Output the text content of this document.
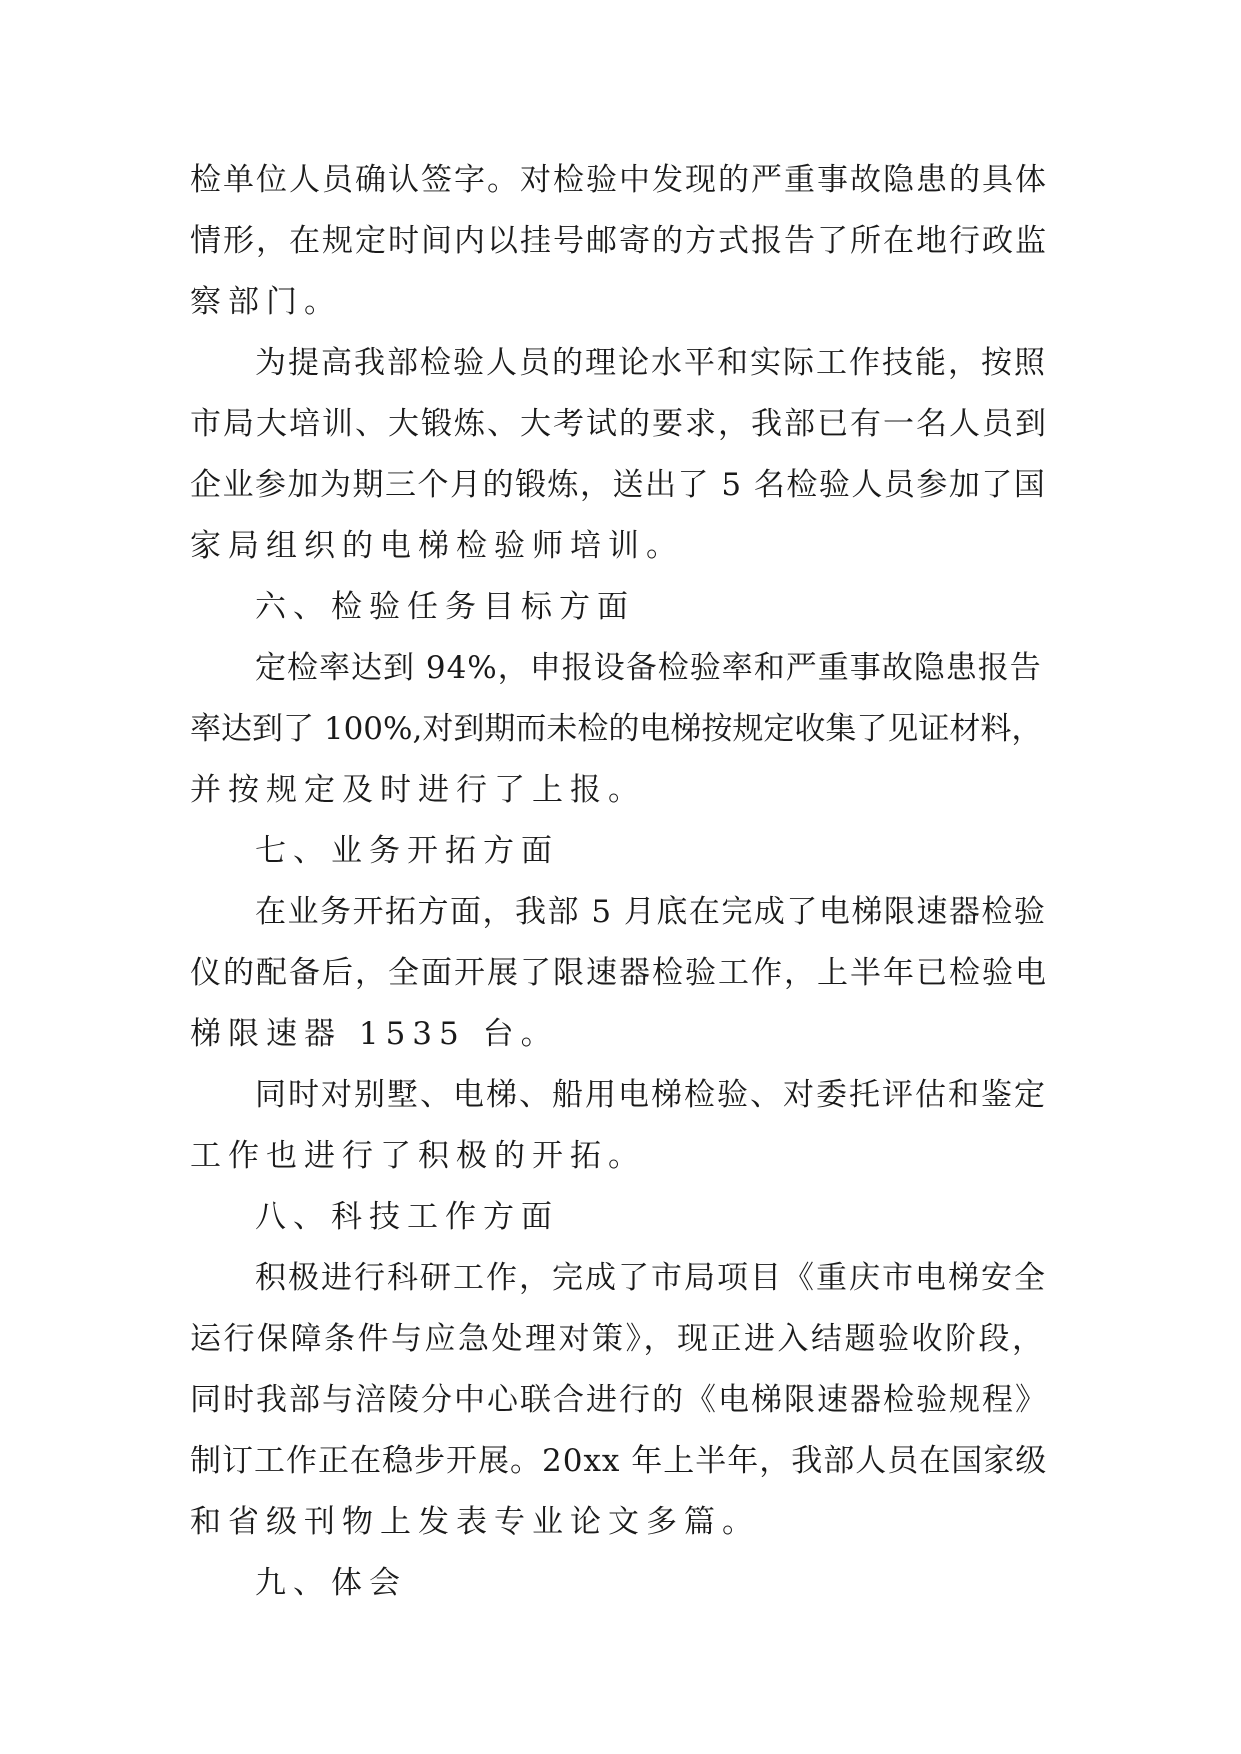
检单位人员确认签字。对检验中发现的严重事故隐患的具体
情形，在规定时间内以挂号邮寄的方式报告了所在地行政监
察部门。
为提高我部检验人员的理论水平和实际工作技能，按照
市局大培训、大锻炼、大考试的要求，我部已有一名人员到
企业参加为期三个月的锻炼，送出了 5 名检验人员参加了国
家局组织的电梯检验师培训。
六、检验任务目标方面
定检率达到 94%，申报设备检验率和严重事故隐患报告
率达到了 100%,对到期而未检的电梯按规定收集了见证材料，
并按规定及时进行了上报。
七、业务开拓方面
在业务开拓方面，我部 5 月底在完成了电梯限速器检验
仪的配备后，全面开展了限速器检验工作，上半年已检验电
梯限速器 1535 台。
同时对别墅、电梯、船用电梯检验、对委托评估和鉴定
工作也进行了积极的开拓。
八、科技工作方面
积极进行科研工作，完成了市局项目《重庆市电梯安全
运行保障条件与应急处理对策》，现正进入结题验收阶段，
同时我部与涪陵分中心联合进行的《电梯限速器检验规程》
制订工作正在稳步开展。20xx 年上半年，我部人员在国家级
和省级刊物上发表专业论文多篇。
九、体会
